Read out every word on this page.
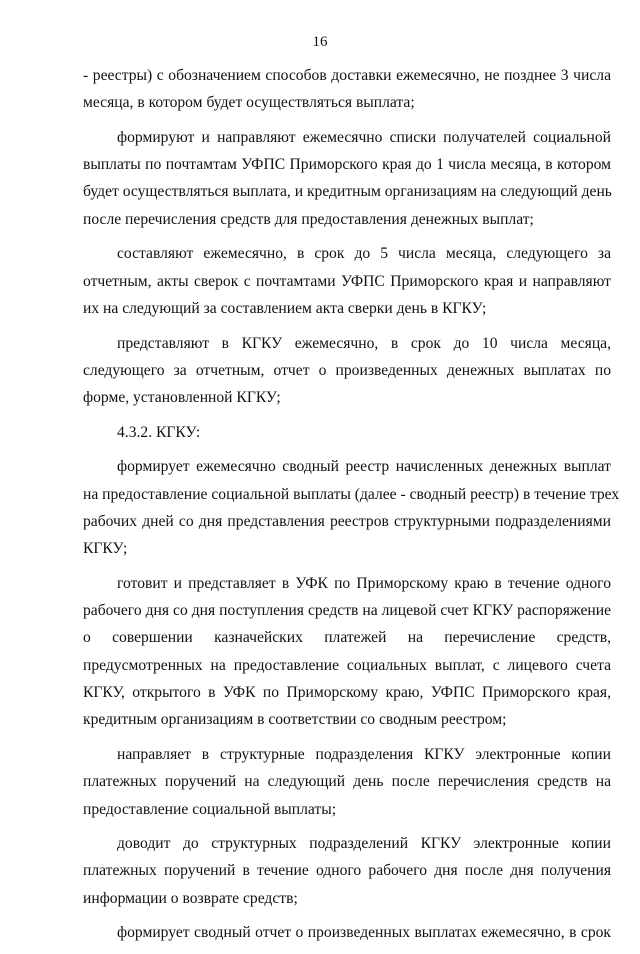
16
- реестры) с обозначением способов доставки ежемесячно, не позднее 3 числа
месяца, в котором будет осуществляться выплата;
формируют и направляют ежемесячно списки получателей социальной
выплаты по почтамтам УФПС Приморского края до 1 числа месяца, в котором
будет осуществляться выплата, и кредитным организациям на следующий день
после перечисления средств для предоставления денежных выплат;
составляют ежемесячно, в срок до 5 числа месяца, следующего за
отчетным, акты сверок с почтамтами УФПС Приморского края и направляют
их на следующий за составлением акта сверки день в КГКУ;
представляют в КГКУ ежемесячно, в срок до 10 числа месяца,
следующего за отчетным, отчет о произведенных денежных выплатах по
форме, установленной КГКУ;
4.3.2. КГКУ:
формирует ежемесячно сводный реестр начисленных денежных выплат
на предоставление социальной выплаты (далее - сводный реестр) в течение трех
рабочих дней со дня представления реестров структурными подразделениями
КГКУ;
готовит и представляет в УФК по Приморскому краю в течение одного
рабочего дня со дня поступления средств на лицевой счет КГКУ распоряжение
о совершении казначейских платежей на перечисление средств,
предусмотренных на предоставление социальных выплат, с лицевого счета
КГКУ, открытого в УФК по Приморскому краю, УФПС Приморского края,
кредитным организациям в соответствии со сводным реестром;
направляет в структурные подразделения КГКУ электронные копии
платежных поручений на следующий день после перечисления средств на
предоставление социальной выплаты;
доводит до структурных подразделений КГКУ электронные копии
платежных поручений в течение одного рабочего дня после дня получения
информации о возврате средств;
формирует сводный отчет о произведенных выплатах ежемесячно, в срок
